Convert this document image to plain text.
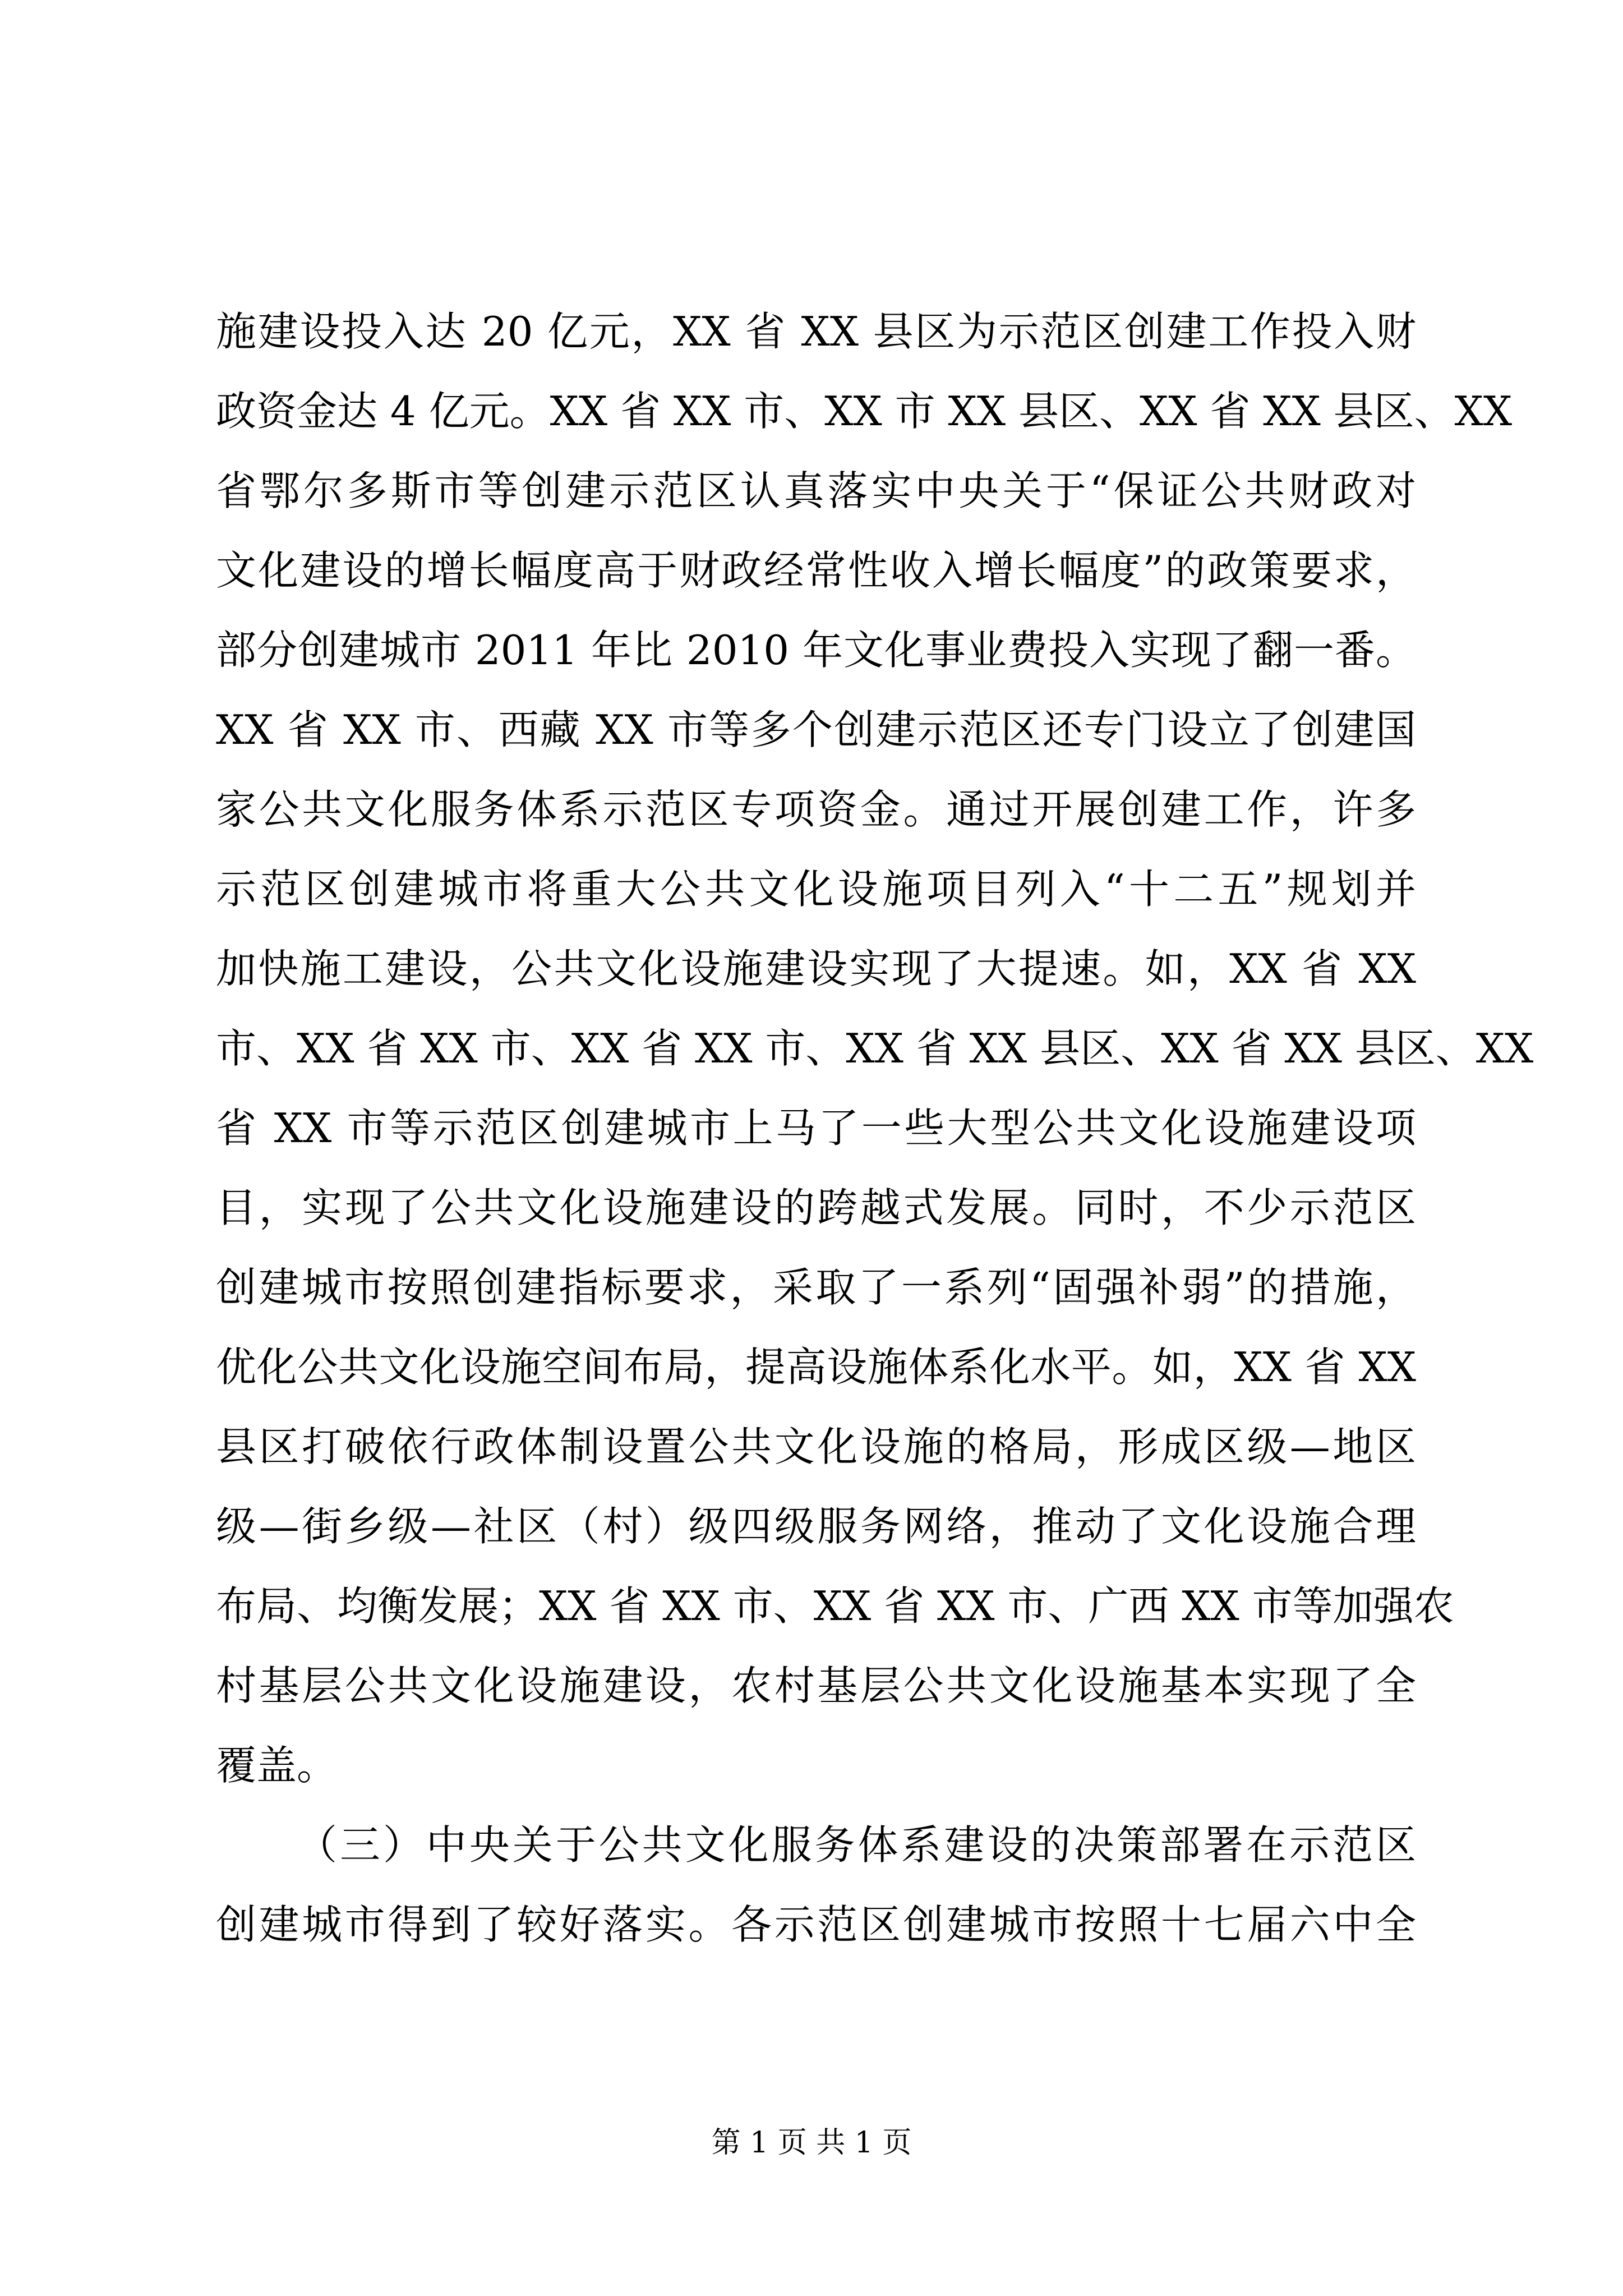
施建设投入达 20 亿元，XX 省 XX 县区为示范区创建工作投入财
政资金达 4 亿元。XX 省 XX 市、XX 市 XX 县区、XX 省 XX 县区、XX
省鄂尔多斯市等创建示范区认真落实中央关于“保证公共财政对
文化建设的增长幅度高于财政经常性收入增长幅度”的政策要求，
部分创建城市 2011 年比 2010 年文化事业费投入实现了翻一番。
XX 省 XX 市、西藏 XX 市等多个创建示范区还专门设立了创建国
家公共文化服务体系示范区专项资金。通过开展创建工作，许多
示范区创建城市将重大公共文化设施项目列入“十二五”规划并
加快施工建设，公共文化设施建设实现了大提速。如，XX 省 XX
市、XX 省 XX 市、XX 省 XX 市、XX 省 XX 县区、XX 省 XX 县区、XX
省 XX 市等示范区创建城市上马了一些大型公共文化设施建设项
目，实现了公共文化设施建设的跨越式发展。同时，不少示范区
创建城市按照创建指标要求，采取了一系列“固强补弱”的措施，
优化公共文化设施空间布局，提高设施体系化水平。如，XX 省 XX
县区打破依行政体制设置公共文化设施的格局，形成区级—地区
级—街乡级—社区（村）级四级服务网络，推动了文化设施合理
布局、均衡发展；XX 省 XX 市、XX 省 XX 市、广西 XX 市等加强农
村基层公共文化设施建设，农村基层公共文化设施基本实现了全
覆盖。
（三）中央关于公共文化服务体系建设的决策部署在示范区
创建城市得到了较好落实。各示范区创建城市按照十七届六中全
第 1 页 共 1 页
